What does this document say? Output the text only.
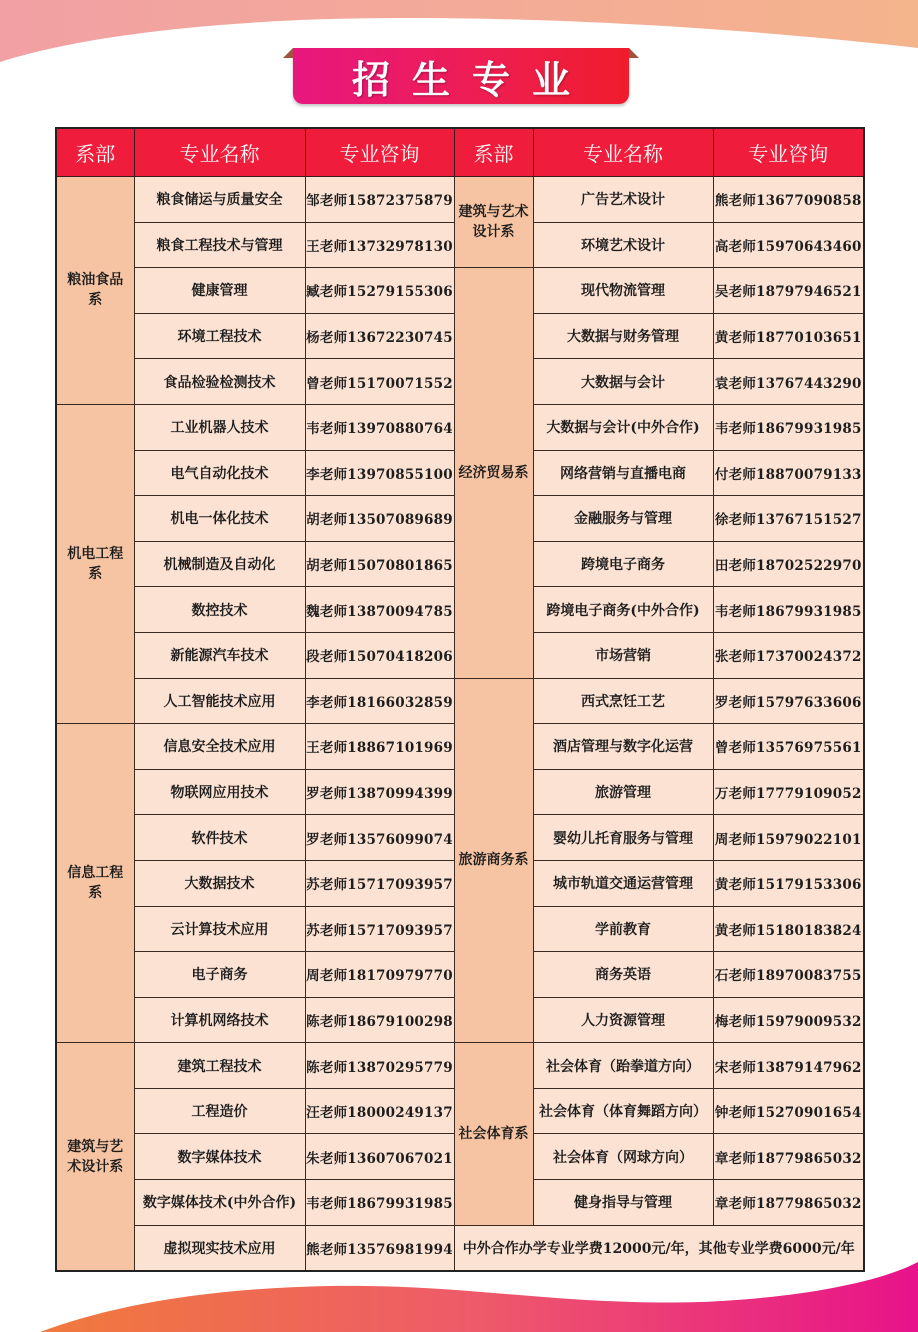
招生专业
系部	专业名称	专业咨询	系部	专业名称	专业咨询
粮油食品系	粮食储运与质量安全	邹老师15872375879	建筑与艺术设计系	广告艺术设计	熊老师13677090858
	粮食工程技术与管理	王老师13732978130		环境艺术设计	高老师15970643460
	健康管理	臧老师15279155306	经济贸易系	现代物流管理	吴老师18797946521
	环境工程技术	杨老师13672230745		大数据与财务管理	黄老师18770103651
	食品检验检测技术	曾老师15170071552		大数据与会计	袁老师13767443290
机电工程系	工业机器人技术	韦老师13970880764		大数据与会计(中外合作)	韦老师18679931985
	电气自动化技术	李老师13970855100		网络营销与直播电商	付老师18870079133
	机电一体化技术	胡老师13507089689		金融服务与管理	徐老师13767151527
	机械制造及自动化	胡老师15070801865		跨境电子商务	田老师18702522970
	数控技术	魏老师13870094785		跨境电子商务(中外合作)	韦老师18679931985
	新能源汽车技术	段老师15070418206		市场营销	张老师17370024372
	人工智能技术应用	李老师18166032859	旅游商务系	西式烹饪工艺	罗老师15797633606
信息工程系	信息安全技术应用	王老师18867101969		酒店管理与数字化运营	曾老师13576975561
	物联网应用技术	罗老师13870994399		旅游管理	万老师17779109052
	软件技术	罗老师13576099074		婴幼儿托育服务与管理	周老师15979022101
	大数据技术	苏老师15717093957		城市轨道交通运营管理	黄老师15179153306
	云计算技术应用	苏老师15717093957		学前教育	黄老师15180183824
	电子商务	周老师18170979770		商务英语	石老师18970083755
	计算机网络技术	陈老师18679100298		人力资源管理	梅老师15979009532
建筑与艺术设计系	建筑工程技术	陈老师13870295779	社会体育系	社会体育（跆拳道方向）	宋老师13879147962
	工程造价	汪老师18000249137		社会体育（体育舞蹈方向）	钟老师15270901654
	数字媒体技术	朱老师13607067021		社会体育（网球方向）	章老师18779865032
	数字媒体技术(中外合作)	韦老师18679931985		健身指导与管理	章老师18779865032
	虚拟现实技术应用	熊老师13576981994	中外合作办学专业学费12000元/年，其他专业学费6000元/年		
